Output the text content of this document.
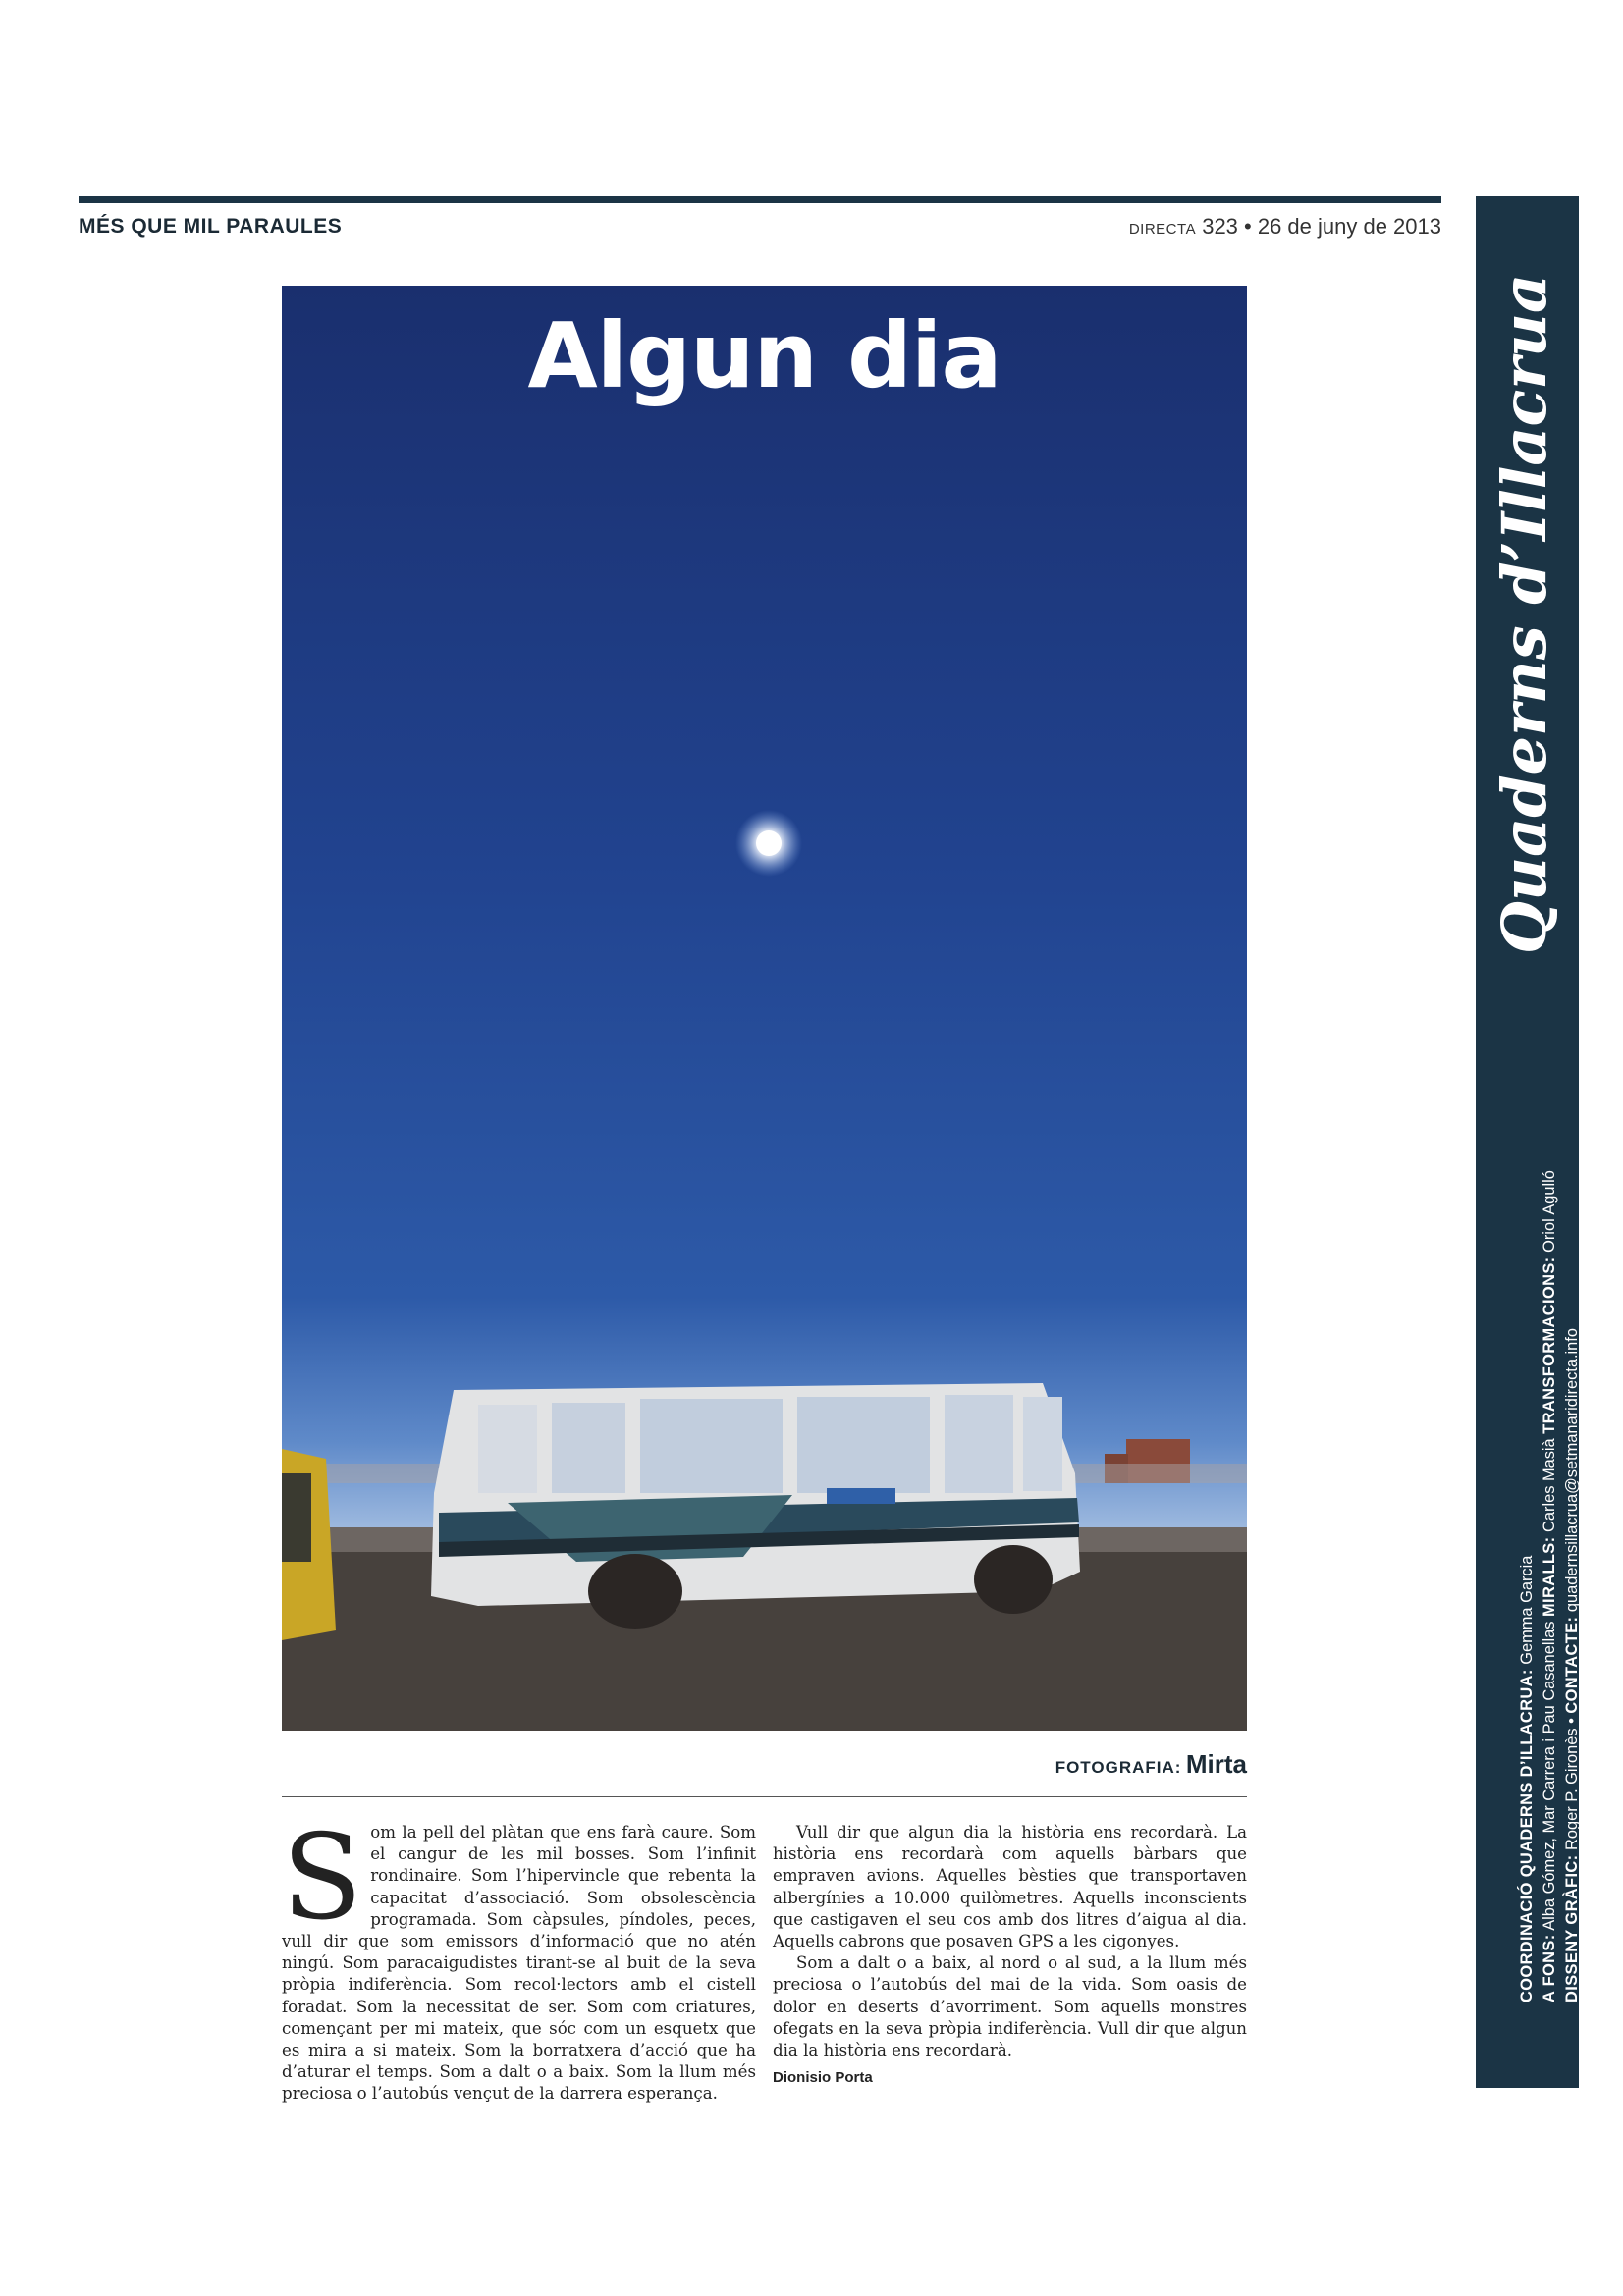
MÉS QUE MIL PARAULES	DIRECTA 323 • 26 de juny de 2013
Algun dia
FOTOGRAFIA: Mirta
S om la pell del plàtan que ens farà caure. Som el cangur de les mil bosses. Som l’infinit rondinaire. Som l’hipervincle que rebenta la capacitat d’associació. Som obsolescència programada. Som càpsules, píndoles, peces, vull dir que som emissors d’informació que no atén ningú. Som paracaigudistes tirant-se al buit de la seva pròpia indiferència. Som recol·lectors amb el cistell foradat. Som la necessitat de ser. Som com criatures, començant per mi mateix, que sóc com un esquetx que es mira a si mateix. Som la borratxera d’acció que ha d’aturar el temps. Som a dalt o a baix. Som la llum més preciosa o l’autobús vençut de la darrera esperança.

Vull dir que algun dia la història ens recordarà. La història ens recordarà com aquells bàrbars que empraven avions. Aquelles bèsties que transportaven albergínies a 10.000 quilòmetres. Aquells inconscients que castigaven el seu cos amb dos litres d’aigua al dia. Aquells cabrons que posaven GPS a les cigonyes.

Som a dalt o a baix, al nord o al sud, a la llum més preciosa o l’autobús del mai de la vida. Som oasis de dolor en deserts d’avorriment. Som aquells monstres ofegats en la seva pròpia indiferència. Vull dir que algun dia la història ens recordarà.

Dionisio Porta
Quaderns d’Illacrua
COORDINACIÓ QUADERNS D’ILLACRUA: Gemma Garcia
A FONS: Alba Gómez, Mar Carrera i Pau Casanellas MIRALLS: Carles Masià TRANSFORMACIONS: Oriol Agulló
DISSENY GRÀFIC: Roger P. Gironès • CONTACTE: quadernsillacrua@setmanaridirecta.info
